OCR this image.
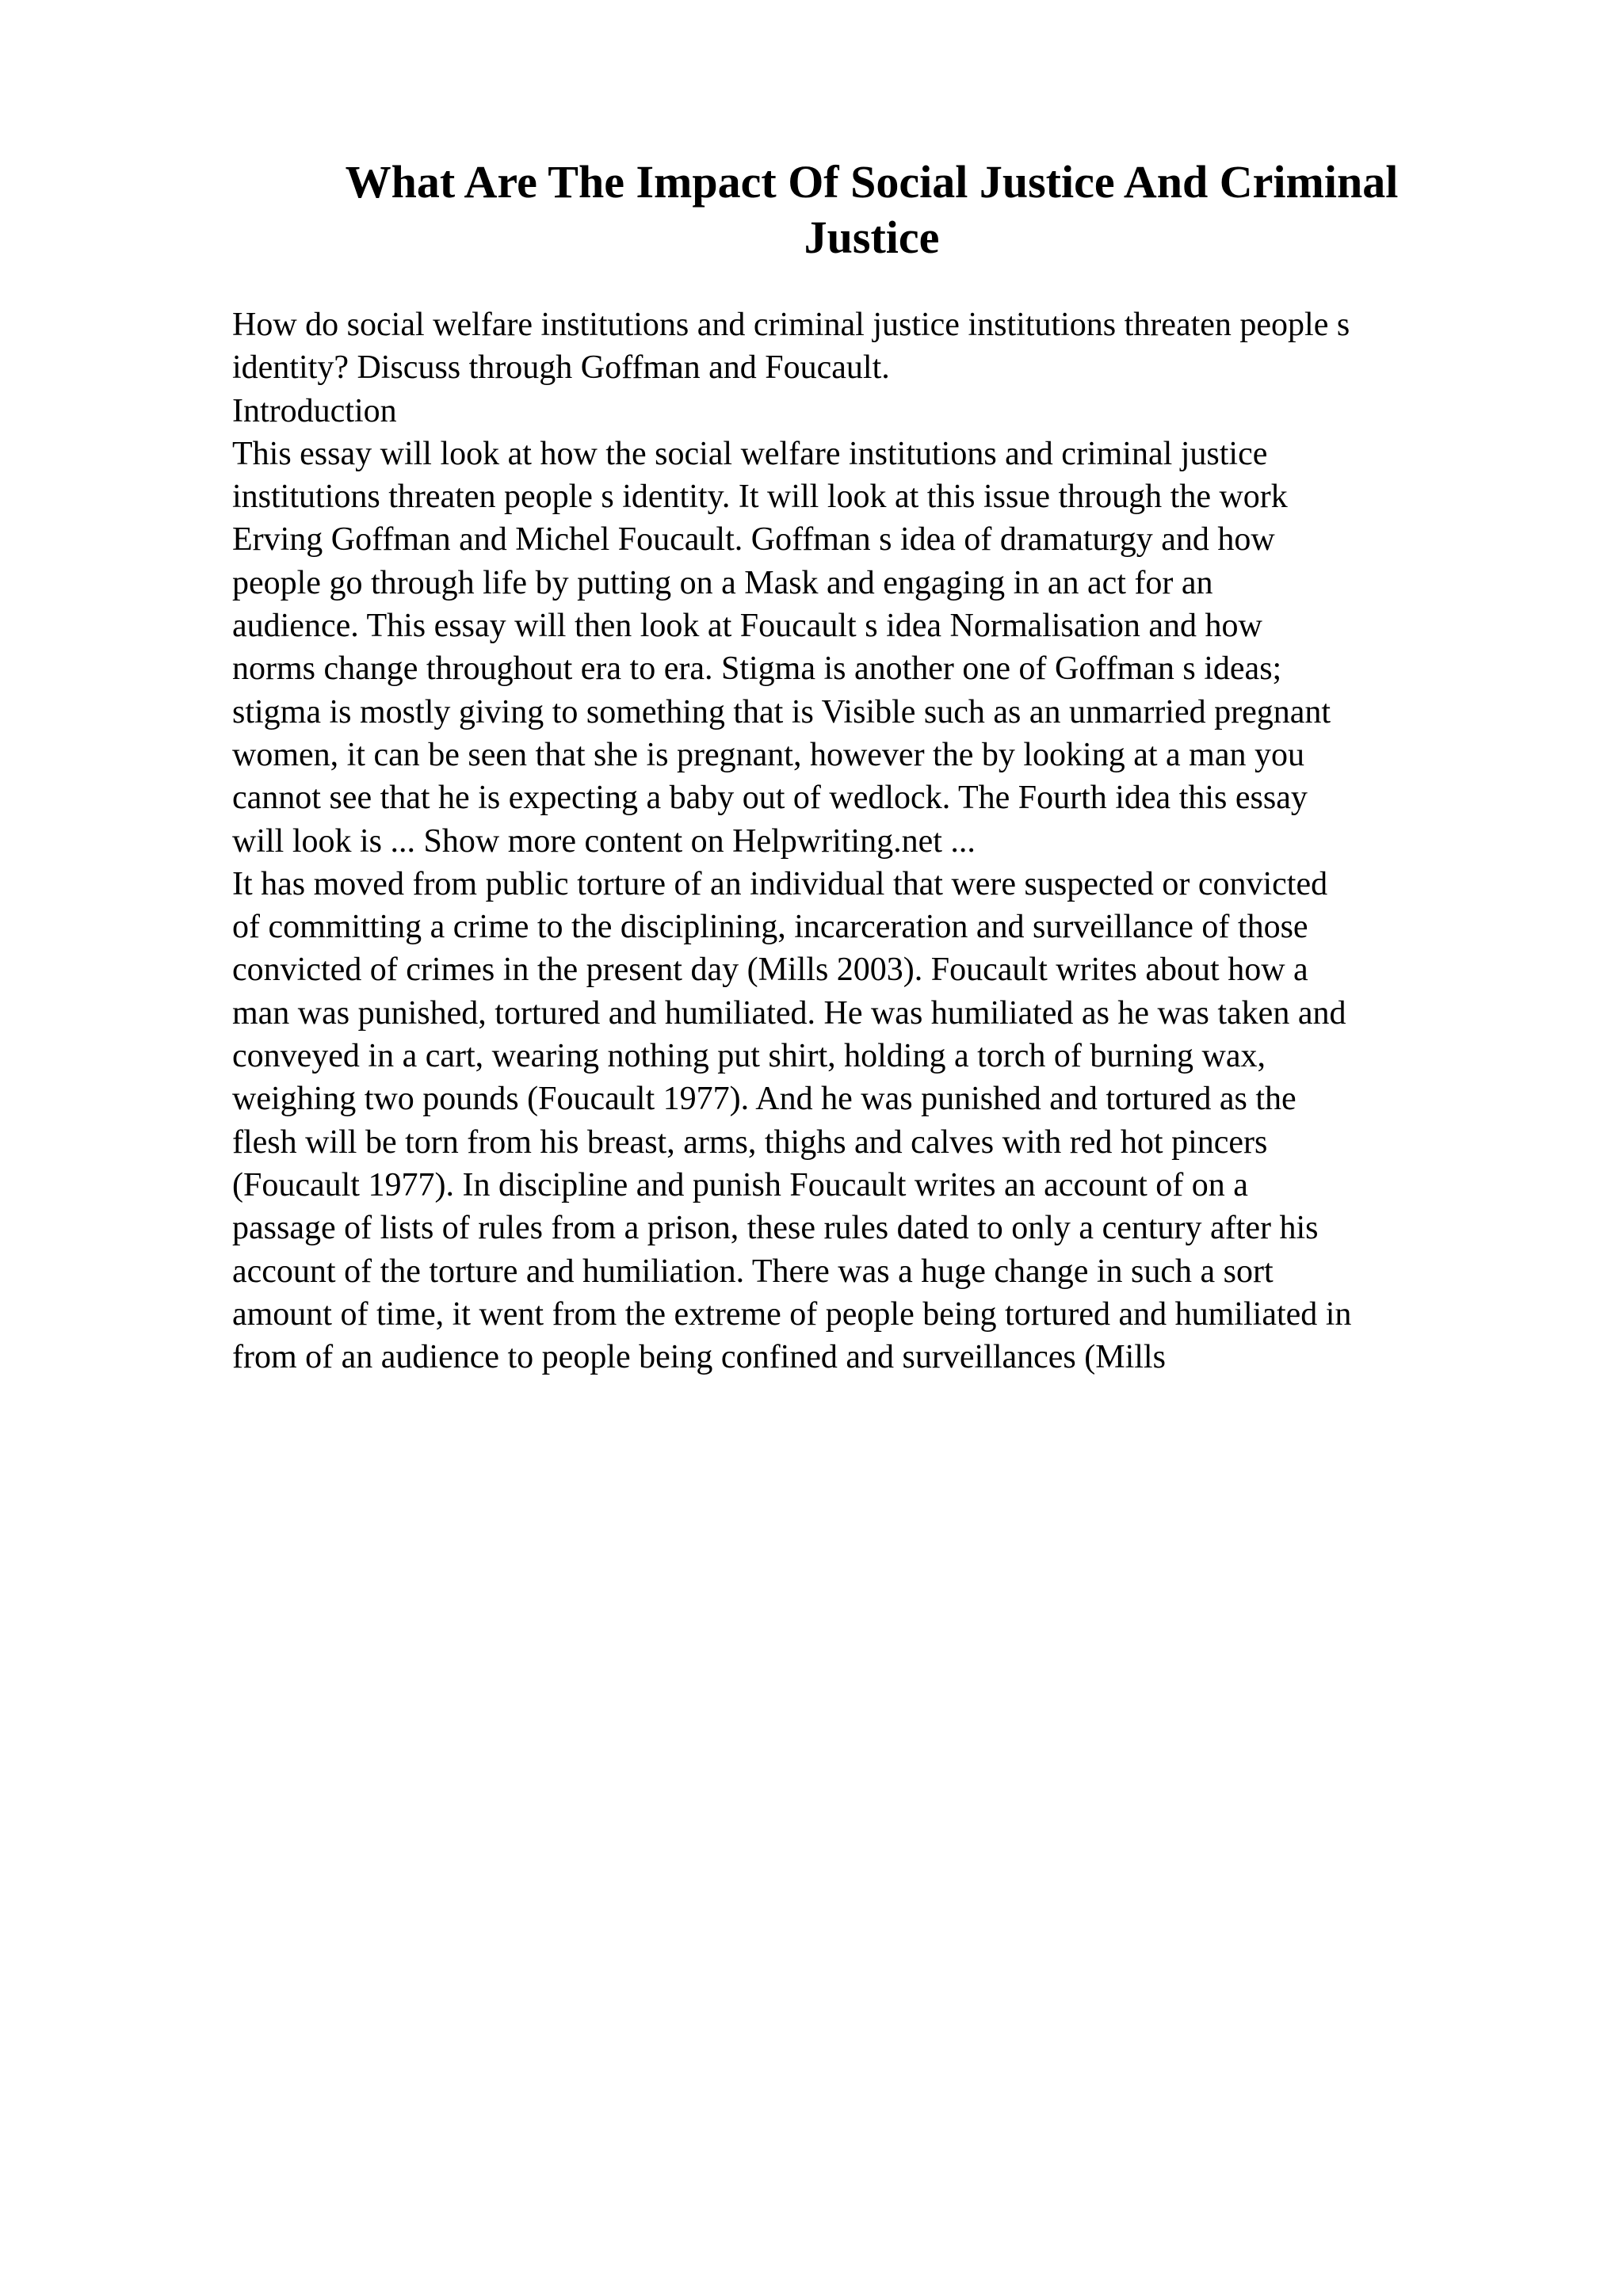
What Are The Impact Of Social Justice And Criminal
Justice
How do social welfare institutions and criminal justice institutions threaten people s
identity? Discuss through Goffman and Foucault.
Introduction
This essay will look at how the social welfare institutions and criminal justice
institutions threaten people s identity. It will look at this issue through the work
Erving Goffman and Michel Foucault. Goffman s idea of dramaturgy and how
people go through life by putting on a Mask and engaging in an act for an
audience. This essay will then look at Foucault s idea Normalisation and how
norms change throughout era to era. Stigma is another one of Goffman s ideas;
stigma is mostly giving to something that is Visible such as an unmarried pregnant
women, it can be seen that she is pregnant, however the by looking at a man you
cannot see that he is expecting a baby out of wedlock. The Fourth idea this essay
will look is ... Show more content on Helpwriting.net ...
It has moved from public torture of an individual that were suspected or convicted
of committing a crime to the disciplining, incarceration and surveillance of those
convicted of crimes in the present day (Mills 2003). Foucault writes about how a
man was punished, tortured and humiliated. He was humiliated as he was taken and
conveyed in a cart, wearing nothing put shirt, holding a torch of burning wax,
weighing two pounds (Foucault 1977). And he was punished and tortured as the
flesh will be torn from his breast, arms, thighs and calves with red hot pincers
(Foucault 1977). In discipline and punish Foucault writes an account of on a
passage of lists of rules from a prison, these rules dated to only a century after his
account of the torture and humiliation. There was a huge change in such a sort
amount of time, it went from the extreme of people being tortured and humiliated in
from of an audience to people being confined and surveillances (Mills
